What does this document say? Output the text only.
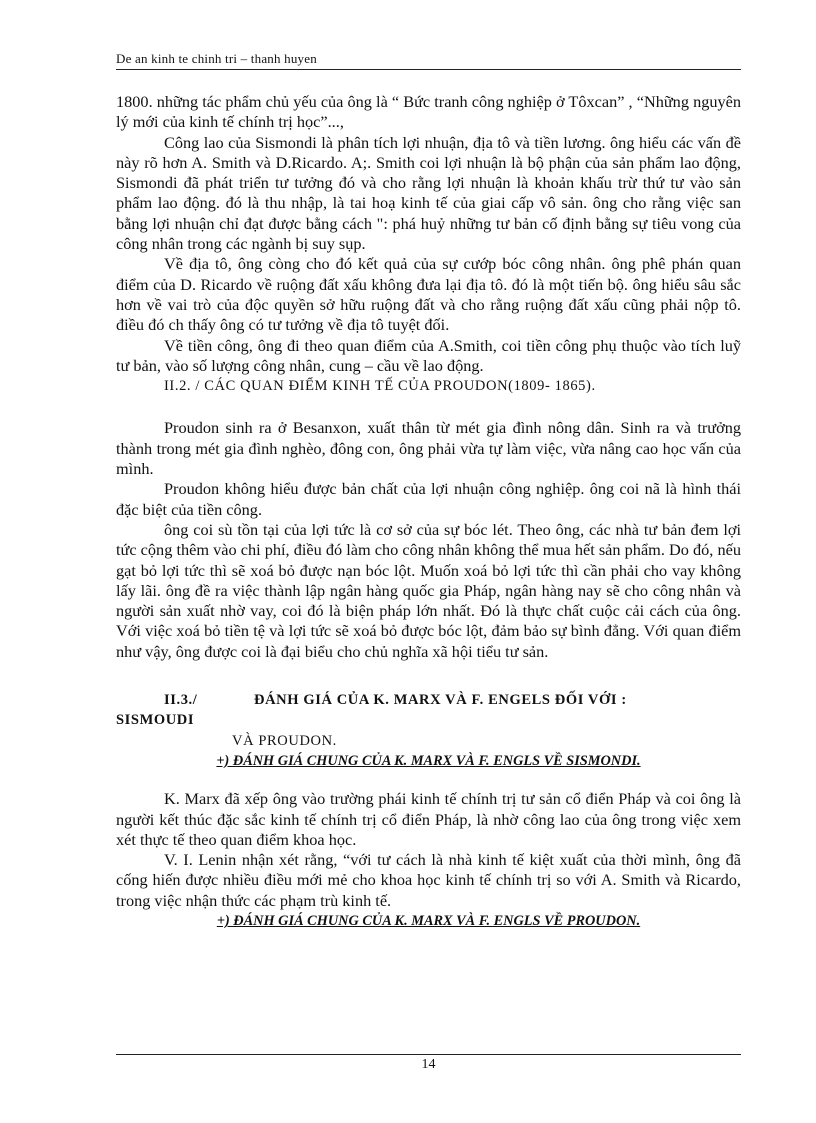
De an kinh te chinh tri – thanh huyen

1800. những tác phẩm chủ yếu của ông là “ Bức tranh công nghiệp ở Tôxcan” , “Những nguyên lý mới của kinh tế chính trị học”...,

Công lao của Sismondi là phân tích lợi nhuận, địa tô và tiền lương. ông hiểu các vấn đề này rõ hơn A. Smith và D.Ricardo. A;. Smith coi lợi nhuận là bộ phận của sản phẩm lao động, Sismondi đã phát triển tư tưởng đó và cho rằng lợi nhuận là khoản khấu trừ thứ tư vào sản phẩm lao động. đó là thu nhập, là tai hoạ kinh tế của giai cấp vô sản. ông cho rằng việc san bằng lợi nhuận chỉ đạt được bằng cách ": phá huỷ những tư bản cố định bằng sự tiêu vong của công nhân trong các ngành bị suy sụp.

Về địa tô, ông còng cho đó kết quả của sự cướp bóc công nhân. ông phê phán quan điểm của D. Ricardo về ruộng đất xấu không đưa lại địa tô. đó là một tiến bộ. ông hiểu sâu sắc hơn về vai trò của độc quyền sở hữu ruộng đất và cho rằng ruộng đất xấu cũng phải nộp tô. điều đó ch thấy ông có tư tưởng về địa tô tuyệt đối.

Về tiền công, ông đi theo quan điểm của A.Smith, coi tiền công phụ thuộc vào tích luỹ tư bản, vào số lượng công nhân, cung – cầu về lao động.

II.2. / CÁC QUAN ĐIỂM KINH TẾ CỦA PROUDON(1809- 1865).

Proudon sinh ra ở Besanxon, xuất thân từ mét gia đình nông dân. Sinh ra và trưởng thành trong mét gia đình nghèo, đông con, ông phải vừa tự làm việc, vừa nâng cao học vấn của mình.

Proudon không hiểu được bản chất của lợi nhuận công nghiệp. ông coi nã là hình thái đặc biệt của tiền công.

ông coi sù tồn tại của lợi tức là cơ sở của sự bóc lét. Theo ông, các nhà tư bản đem lợi tức cộng thêm vào chi phí, điều đó làm cho công nhân không thể mua hết sản phẩm. Do đó, nếu gạt bỏ lợi tức thì sẽ xoá bỏ được nạn bóc lột. Muốn xoá bỏ lợi tức thì cần phải cho vay không lấy lãi. ông đề ra việc thành lập ngân hàng quốc gia Pháp, ngân hàng nay sẽ cho công nhân và người sản xuất nhờ vay, coi đó là biện pháp lớn nhất. Đó là thực chất cuộc cải cách của ông. Với việc xoá bỏ tiền tệ và lợi tức sẽ xoá bỏ được bóc lột, đảm bảo sự bình đẳng. Với quan điểm như vậy, ông được coi là đại biểu cho chủ nghĩa xã hội tiểu tư sản.

II.3./	ĐÁNH GIÁ CỦA K. MARX VÀ F. ENGELS ĐỐI VỚI :

SISMOUDI

VÀ PROUDON.

+) ĐÁNH GIÁ CHUNG CỦA K. MARX VÀ F. ENGLS VỀ SISMONDI.

K. Marx đã xếp ông vào trường phái kinh tế chính trị tư sản cổ điển Pháp và coi ông là người kết thúc đặc sắc kinh tế chính trị cổ điển Pháp, là nhờ công lao của ông trong việc xem xét thực tế theo quan điểm khoa học.

V. I. Lenin nhận xét rằng, “với tư cách là nhà kinh tế kiệt xuất của thời mình, ông đã cống hiến được nhiều điều mới mẻ cho khoa học kinh tế chính trị so với A. Smith và Ricardo, trong việc nhận thức các phạm trù kinh tế.

+) ĐÁNH GIÁ CHUNG CỦA K. MARX VÀ F. ENGLS VỀ PROUDON.

14
